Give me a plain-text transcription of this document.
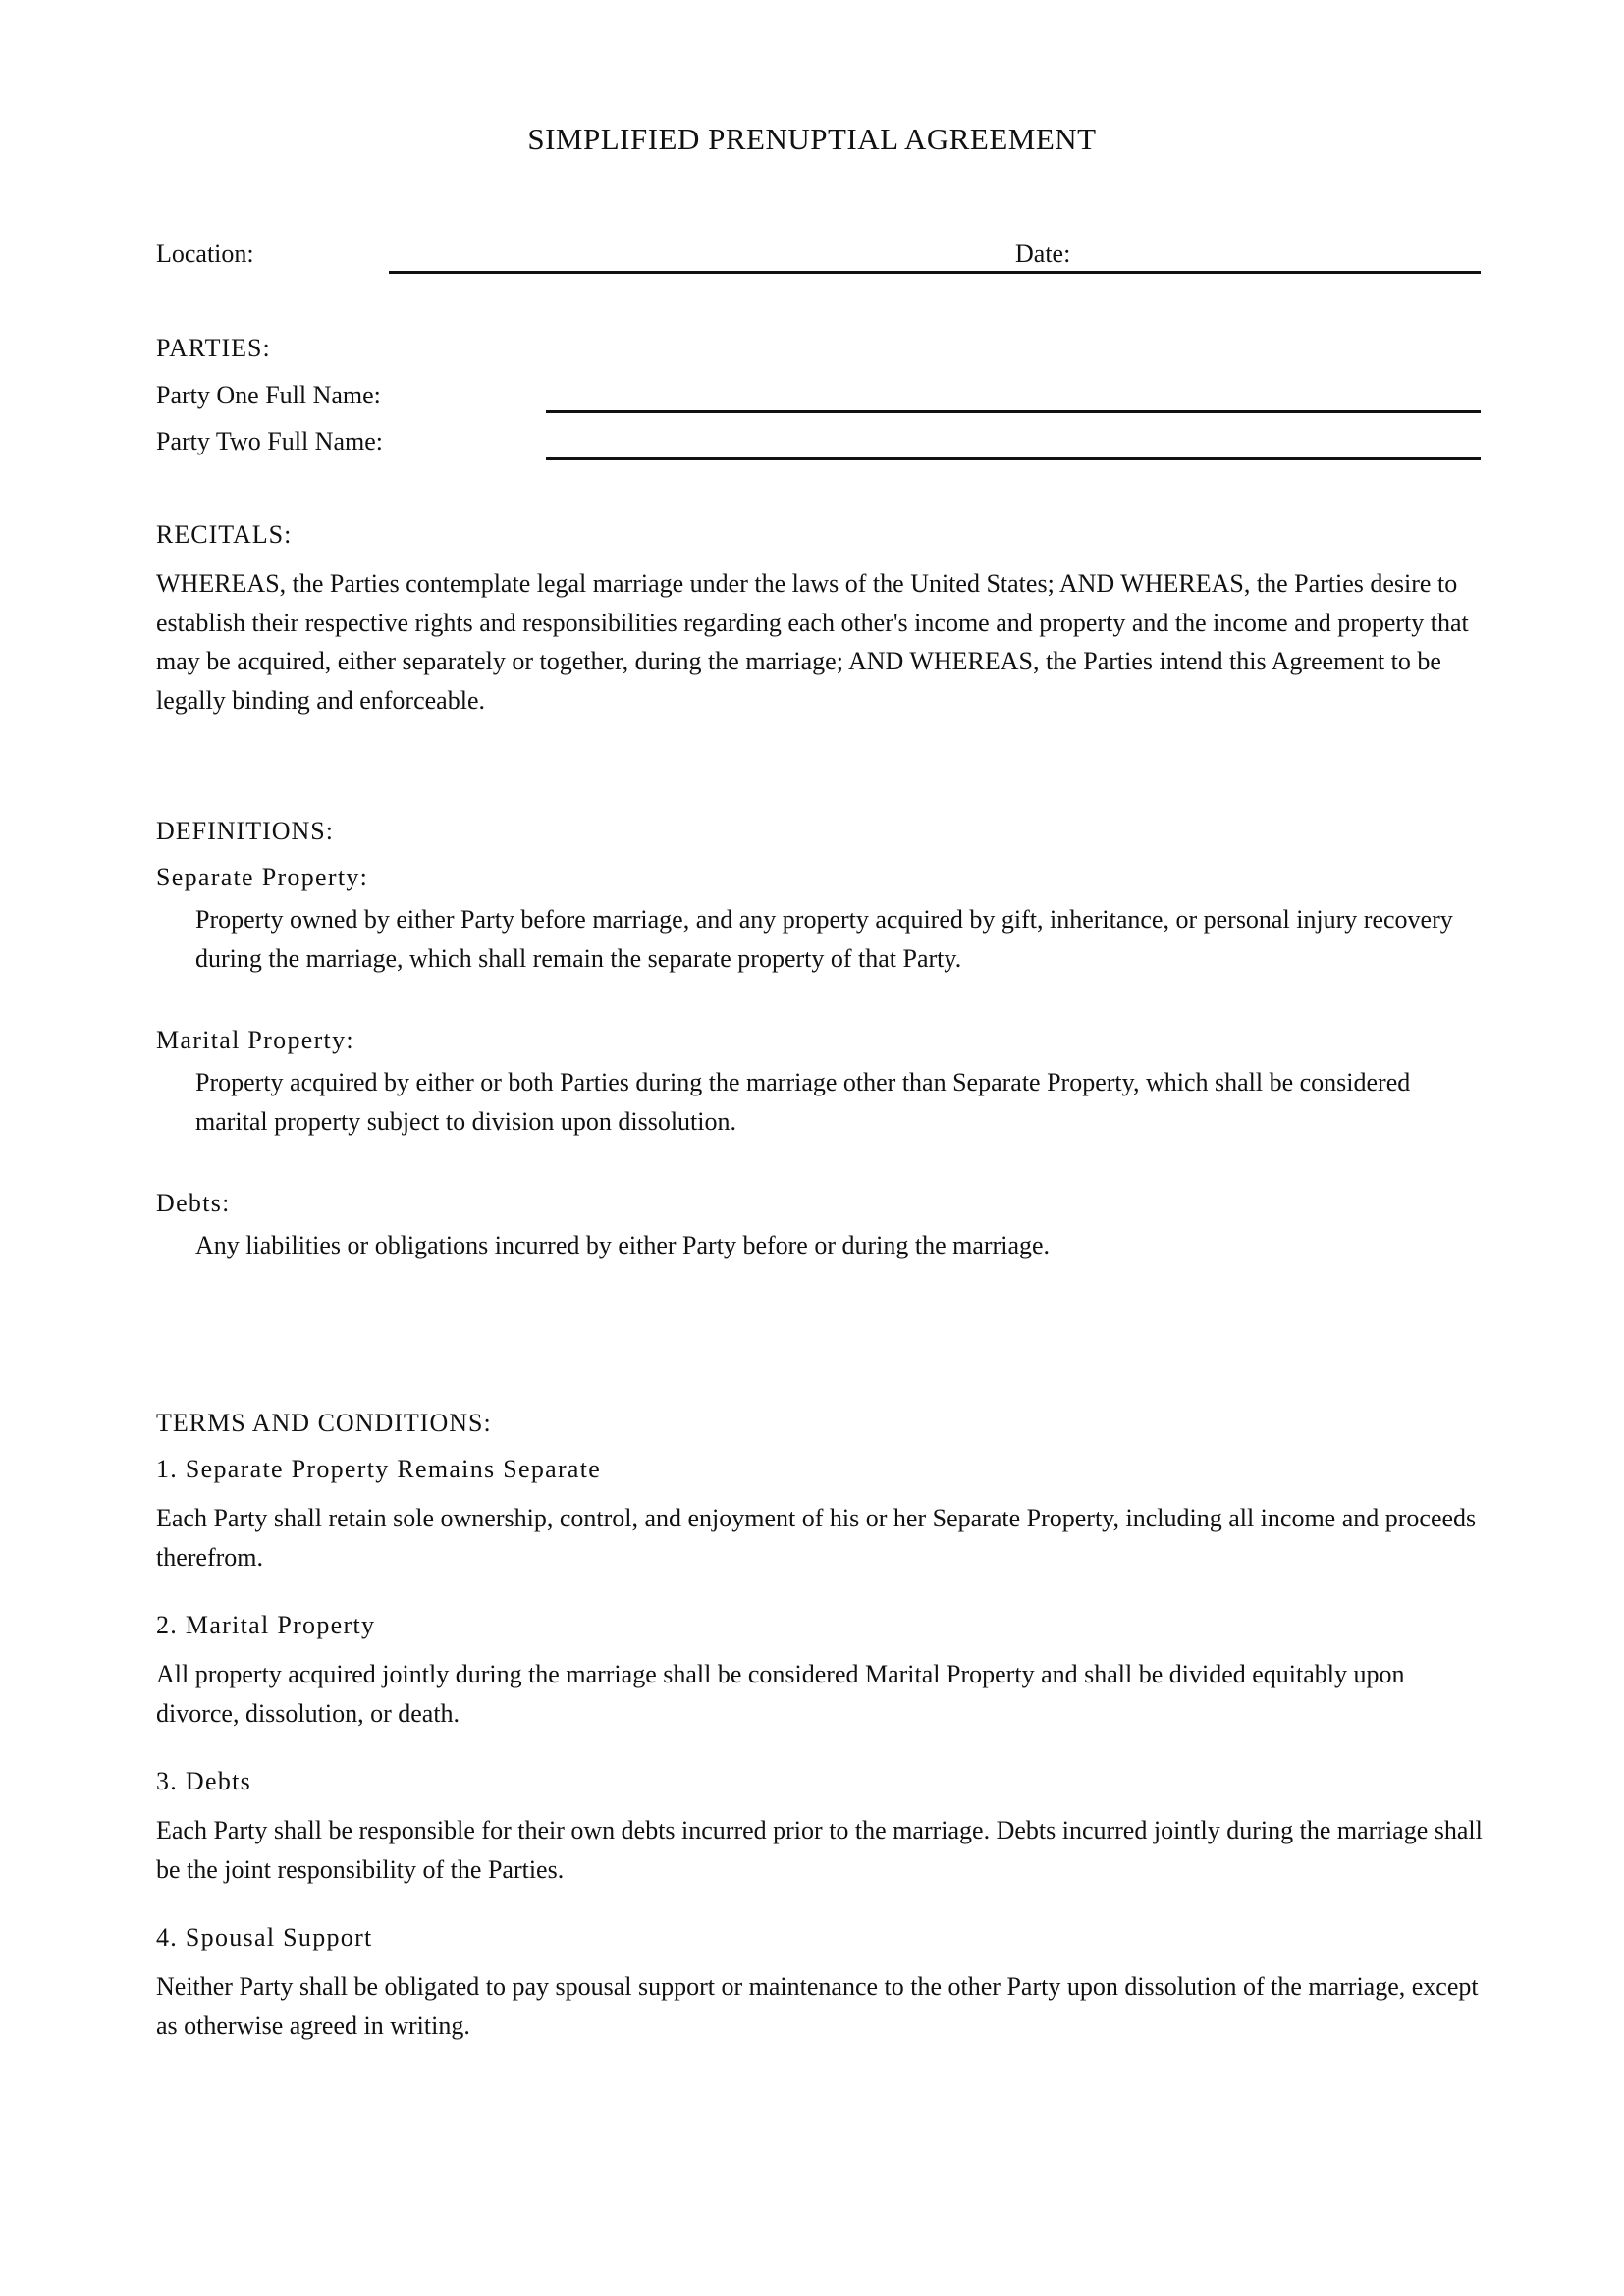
SIMPLIFIED PRENUPTIAL AGREEMENT
Location:	Date:
PARTIES:
Party One Full Name:
Party Two Full Name:
RECITALS:
WHEREAS, the Parties contemplate legal marriage under the laws of the United States; AND WHEREAS, the Parties desire to establish their respective rights and responsibilities regarding each other's income and property and the income and property that may be acquired, either separately or together, during the marriage; AND WHEREAS, the Parties intend this Agreement to be legally binding and enforceable.
DEFINITIONS:
Separate Property:
Property owned by either Party before marriage, and any property acquired by gift, inheritance, or personal injury recovery during the marriage, which shall remain the separate property of that Party.
Marital Property:
Property acquired by either or both Parties during the marriage other than Separate Property, which shall be considered marital property subject to division upon dissolution.
Debts:
Any liabilities or obligations incurred by either Party before or during the marriage.
TERMS AND CONDITIONS:
1. Separate Property Remains Separate
Each Party shall retain sole ownership, control, and enjoyment of his or her Separate Property, including all income and proceeds therefrom.
2. Marital Property
All property acquired jointly during the marriage shall be considered Marital Property and shall be divided equitably upon divorce, dissolution, or death.
3. Debts
Each Party shall be responsible for their own debts incurred prior to the marriage. Debts incurred jointly during the marriage shall be the joint responsibility of the Parties.
4. Spousal Support
Neither Party shall be obligated to pay spousal support or maintenance to the other Party upon dissolution of the marriage, except as otherwise agreed in writing.
